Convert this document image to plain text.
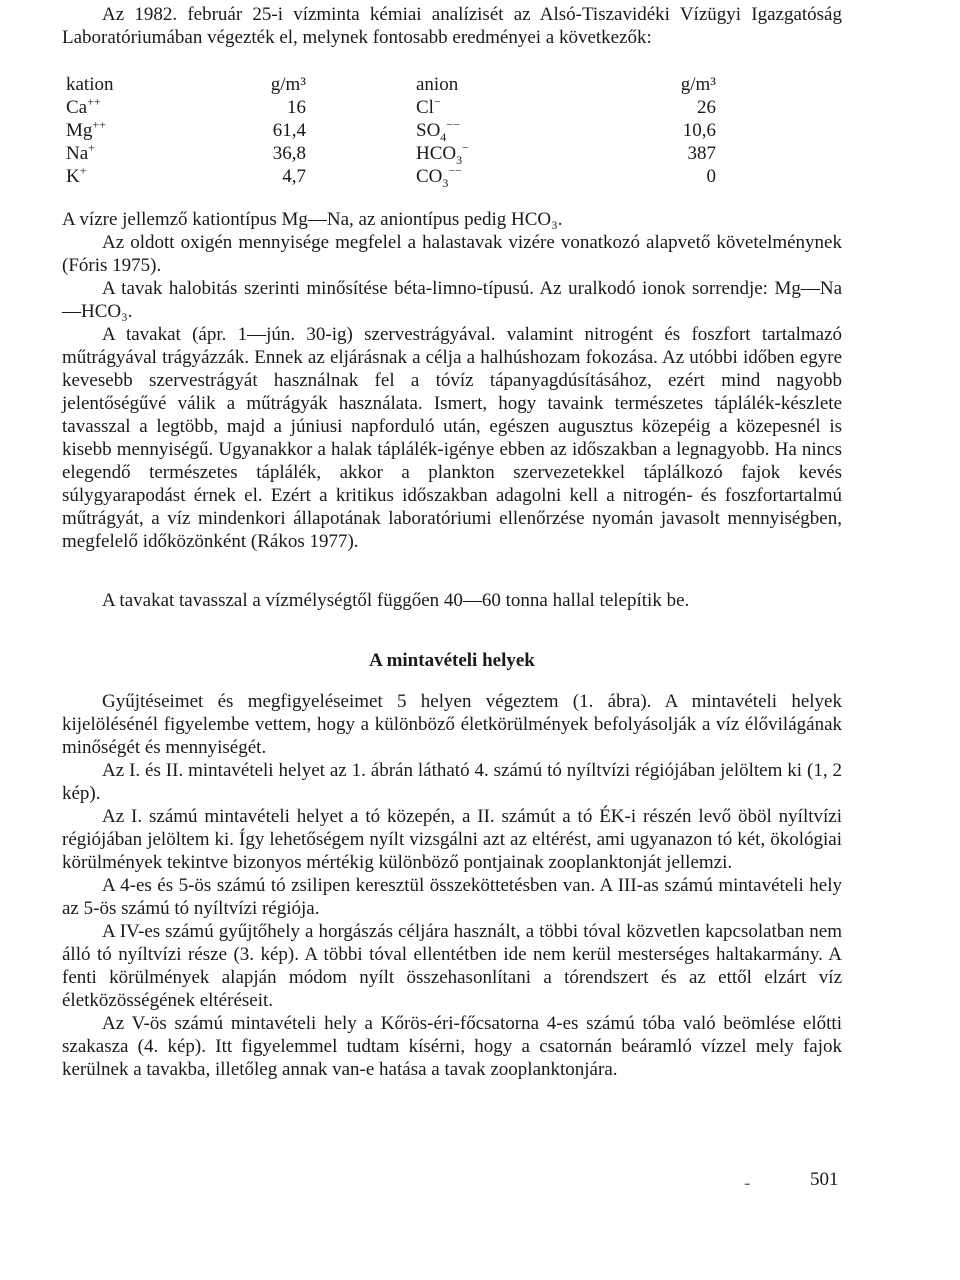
Az 1982. február 25-i vízminta kémiai analízisét az Alsó-Tiszavidéki Vízügyi Igazgatóság Laboratóriumában végezték el, melynek fontosabb eredményei a következők:

kation	g/m³	anion	g/m³
Ca++	16	Cl−	26
Mg++	61,4	$SO_4^{--}$	10,6
Na+	36,8	$HCO_3^-$	387
K+	4,7	$CO_3^{--}$	0

A vízre jellemző kationtípus Mg—Na, az aniontípus pedig HCO₃.

Az oldott oxigén mennyisége megfelel a halastavak vizére vonatkozó alapvető követelménynek (Fóris 1975).

A tavak halobitás szerinti minősítése béta-limno-típusú. Az uralkodó ionok sorrendje: Mg—Na—HCO₃.

A tavakat (ápr. 1—jún. 30-ig) szervestrágyával. valamint nitrogént és foszfort tartalmazó műtrágyával trágyázzák. Ennek az eljárásnak a célja a halhúshozam fokozása. Az utóbbi időben egyre kevesebb szervestrágyát használnak fel a tóvíz tápanyagdúsításához, ezért mind nagyobb jelentőségűvé válik a műtrágyák használata. Ismert, hogy tavaink természetes táplálék-készlete tavasszal a legtöbb, majd a júniusi napforduló után, egészen augusztus közepéig a közepesnél is kisebb mennyiségű. Ugyanakkor a halak táplálék-igénye ebben az időszakban a legnagyobb. Ha nincs elegendő természetes táplálék, akkor a plankton szervezetekkel táplálkozó fajok kevés súlygyarapodást érnek el. Ezért a kritikus időszakban adagolni kell a nitrogén- és foszfortartalmú műtrágyát, a víz mindenkori állapotának laboratóriumi ellenőrzése nyomán javasolt mennyiségben, megfelelő időközönként (Rákos 1977).

A tavakat tavasszal a vízmélységtől függően 40—60 tonna hallal telepítik be.

A mintavételi helyek

Gyűjtéseimet és megfigyeléseimet 5 helyen végeztem (1. ábra). A mintavételi helyek kijelölésénél figyelembe vettem, hogy a különböző életkörülmények befolyásolják a víz élővilágának minőségét és mennyiségét.

Az I. és II. mintavételi helyet az 1. ábrán látható 4. számú tó nyíltvízi régiójában jelöltem ki (1, 2 kép).

Az I. számú mintavételi helyet a tó közepén, a II. számút a tó ÉK-i részén levő öböl nyíltvízi régiójában jelöltem ki. Így lehetőségem nyílt vizsgálni azt az eltérést, ami ugyanazon tó két, ökológiai körülmények tekintve bizonyos mértékig különböző pontjainak zooplanktonját jellemzi.

A 4-es és 5-ös számú tó zsilipen keresztül összeköttetésben van. A III-as számú mintavételi hely az 5-ös számú tó nyíltvízi régiója.

A IV-es számú gyűjtőhely a horgászás céljára használt, a többi tóval közvetlen kapcsolatban nem álló tó nyíltvízi része (3. kép). A többi tóval ellentétben ide nem kerül mesterséges haltakarmány. A fenti körülmények alapján módom nyílt összehasonlítani a tórendszert és az ettől elzárt víz életközösségének eltéréseit.

Az V-ös számú mintavételi hely a Kőrös-éri-főcsatorna 4-es számú tóba való beömlése előtti szakasza (4. kép). Itt figyelemmel tudtam kísérni, hogy a csatornán beáramló vízzel mely fajok kerülnek a tavakba, illetőleg annak van-e hatása a tavak zooplanktonjára.

-	501
